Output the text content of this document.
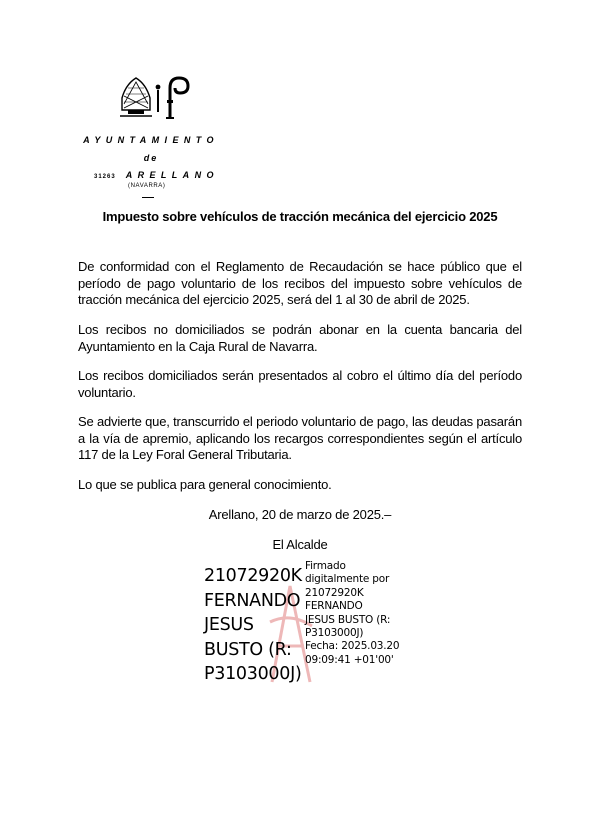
AYUNTAMIENTO
de
31263 ARELLANO
(NAVARRA)
Impuesto sobre vehículos de tracción mecánica del ejercicio 2025
De conformidad con el Reglamento de Recaudación se hace público que el período de pago voluntario de los recibos del impuesto sobre vehículos de tracción mecánica del ejercicio 2025, será del 1 al 30 de abril de 2025.
Los recibos no domiciliados se podrán abonar en la cuenta bancaria del Ayuntamiento en la Caja Rural de Navarra.
Los recibos domiciliados serán presentados al cobro el último día del período voluntario.
Se advierte que, transcurrido el periodo voluntario de pago, las deudas pasarán a la vía de apremio, aplicando los recargos correspondientes según el artículo 117 de la Ley Foral General Tributaria.
Lo que se publica para general conocimiento.
Arellano, 20 de marzo de 2025.–
El Alcalde
21072920K
FERNANDO
JESUS
BUSTO (R:
P3103000J)
Firmado
digitalmente por
21072920K
FERNANDO
JESUS BUSTO (R:
P3103000J)
Fecha: 2025.03.20
09:09:41 +01'00'
